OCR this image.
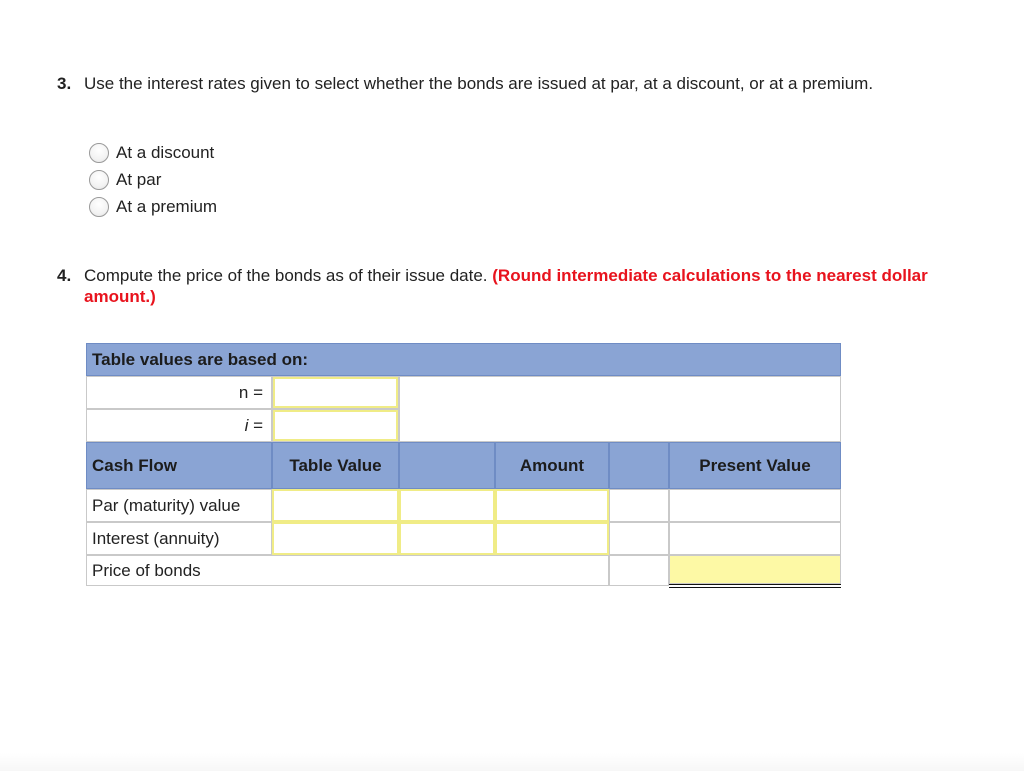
3. Use the interest rates given to select whether the bonds are issued at par, at a discount, or at a premium.
At a discount
At par
At a premium
4. Compute the price of the bonds as of their issue date. (Round intermediate calculations to the nearest dollar amount.)
Table values are based on:
n =
i =
Cash Flow	Table Value	Amount	Present Value
Par (maturity) value
Interest (annuity)
Price of bonds
